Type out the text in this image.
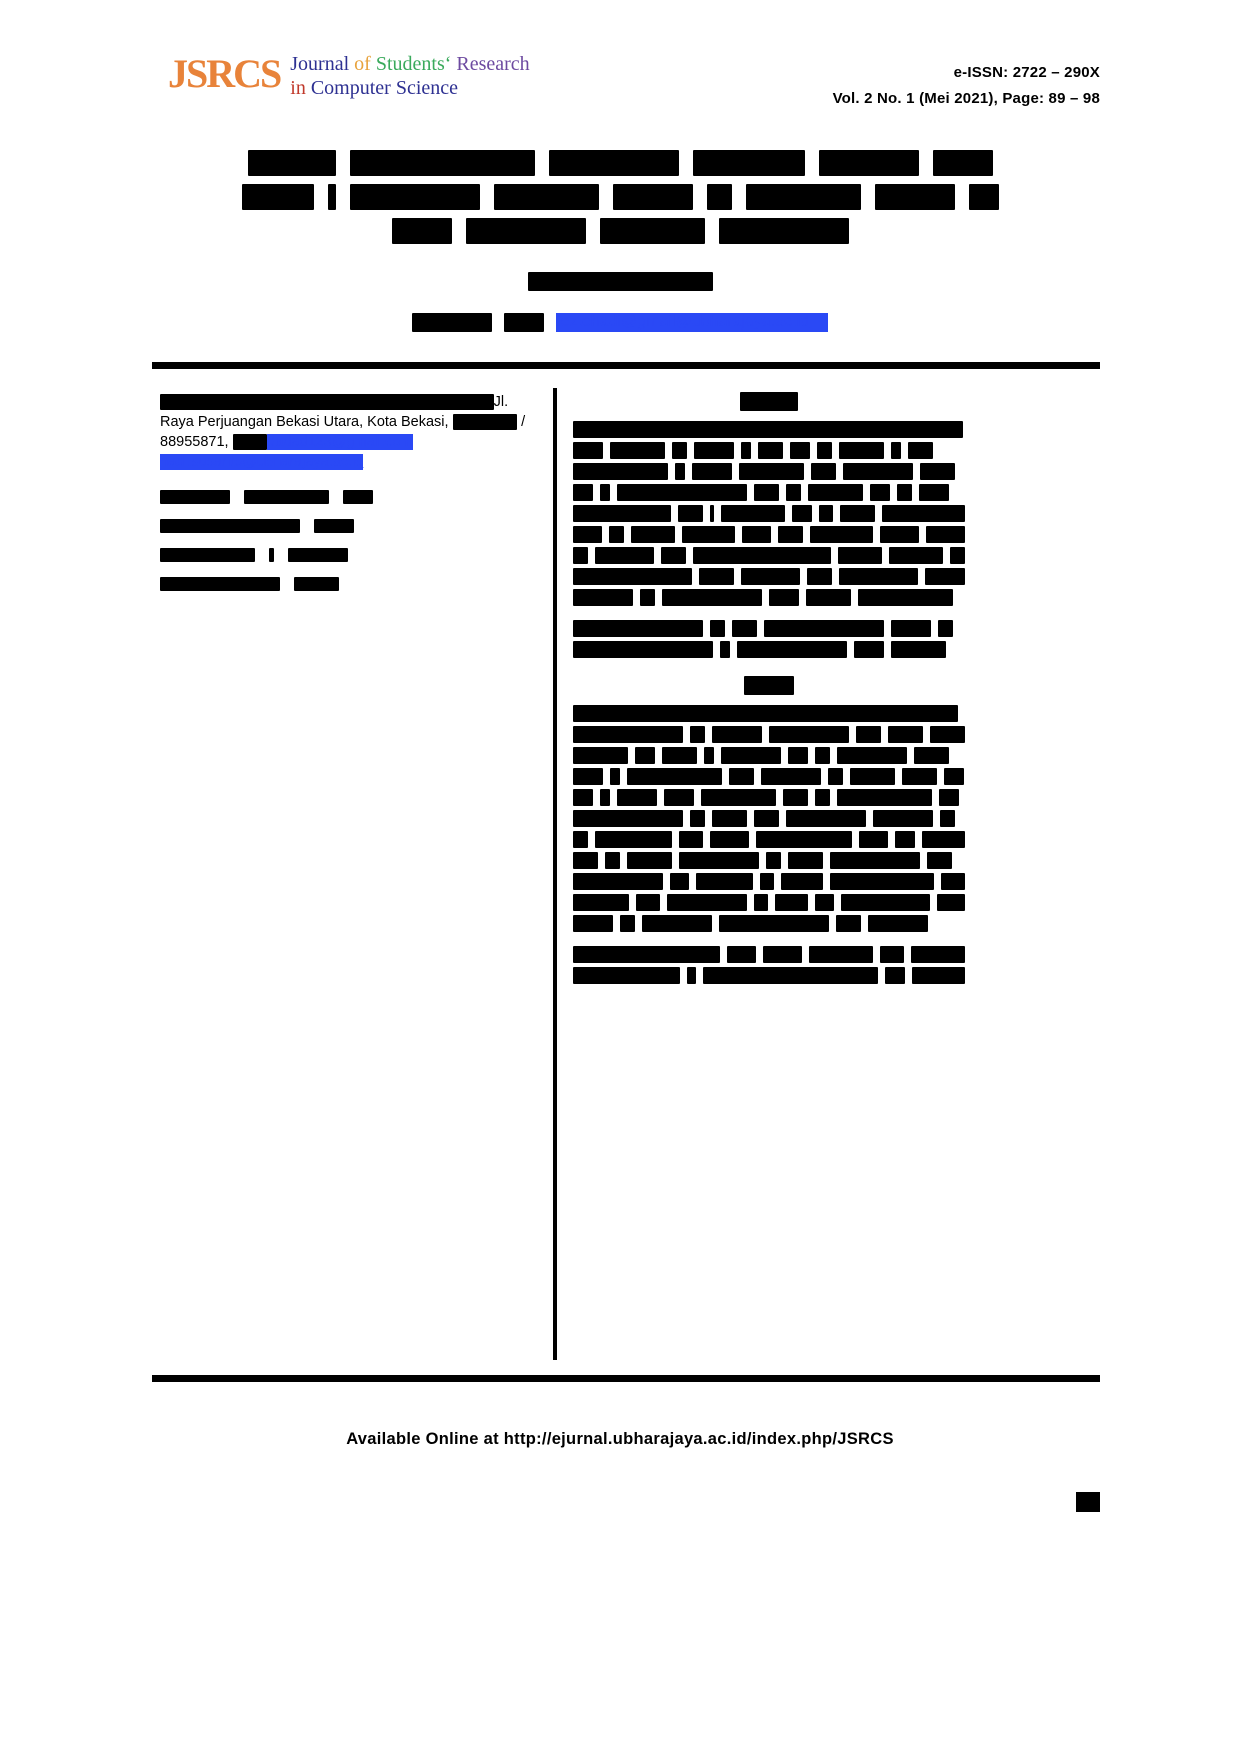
JSRCS Journal of Students‘ Research
in Computer Science
e-ISSN: 2722 – 290X
Vol. 2 No. 1 (Mei 2021), Page: 89 – 98
teztehadi@gmail@ubharajaya.ac.id
Jl. Raya Perjuangan Bekasi Utara, Kota Bekasi,	/ 88955871,	dadad123@gmail.com hadi.susanto@ubharajaya.ac.id
Available Online at http://ejurnal.ubharajaya.ac.id/index.php/JSRCS
